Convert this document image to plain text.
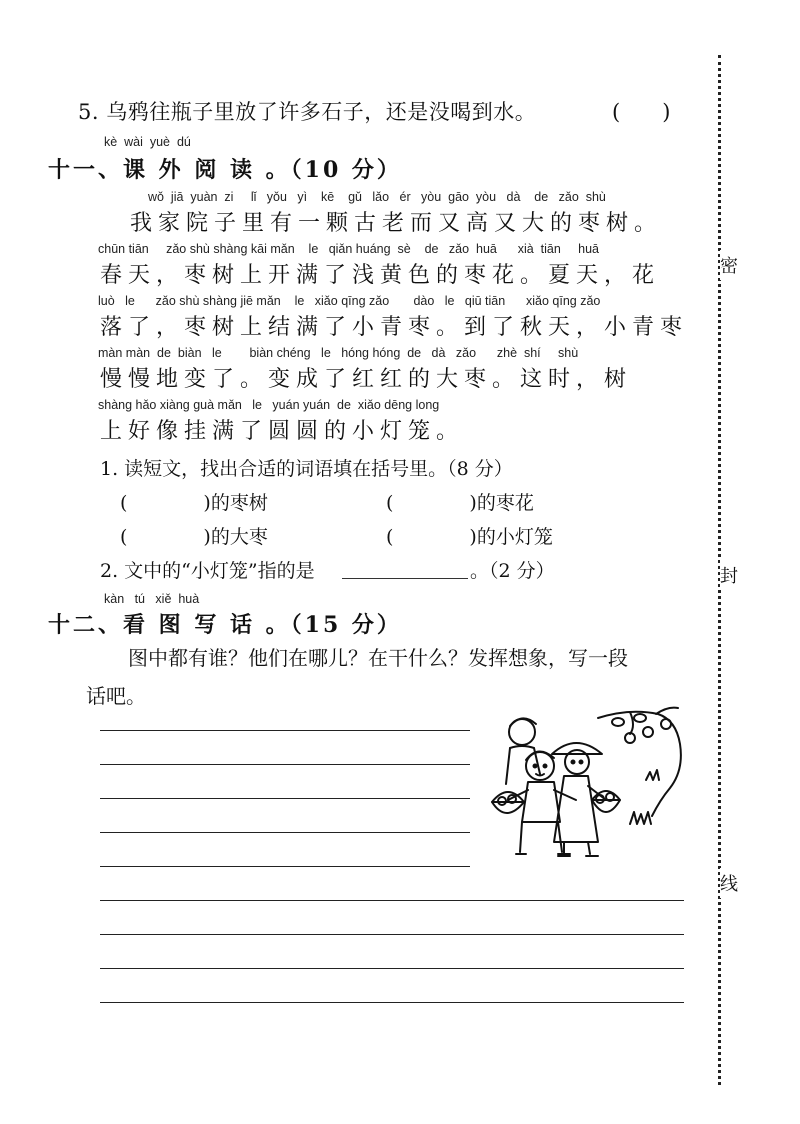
5. 乌鸦往瓶子里放了许多石子，还是没喝到水。	(　　)
kè  wài  yuè  dú
十一、课 外 阅 读 。（10 分）
wǒ  jiā  yuàn  zi     lǐ   yǒu   yì    kē    gǔ   lǎo   ér   yòu  gāo  yòu   dà    de   zǎo  shù
我家院子里有一颗古老而又高又大的枣树。
chūn tiān     zǎo shù shàng kāi mǎn    le   qiǎn huáng  sè    de   zǎo  huā      xià  tiān     huā
春天，枣树上开满了浅黄色的枣花。夏天，花
luò   le      zǎo shù shàng jiē mǎn    le   xiǎo qīng zǎo       dào   le   qiū tiān      xiǎo qīng zǎo
落了，枣树上结满了小青枣。到了秋天，小青枣
màn màn  de  biàn   le        biàn chéng   le   hóng hóng  de   dà   zǎo      zhè  shí     shù
慢慢地变了。变成了红红的大枣。这时，树
shàng hǎo xiàng guà mǎn   le   yuán yuán  de  xiǎo dēng long
上好像挂满了圆圆的小灯笼。
1. 读短文，找出合适的词语填在括号里。（8 分）
(　　　　)的枣树	(　　　　)的枣花
(　　　　)的大枣	(　　　　)的小灯笼
2. 文中的“小灯笼”指的是	。（2 分）
kàn   tú   xiě  huà
十二、看 图 写 话 。（15 分）
图中都有谁？他们在哪儿？在干什么？发挥想象，写一段
话吧。
密
封
线
